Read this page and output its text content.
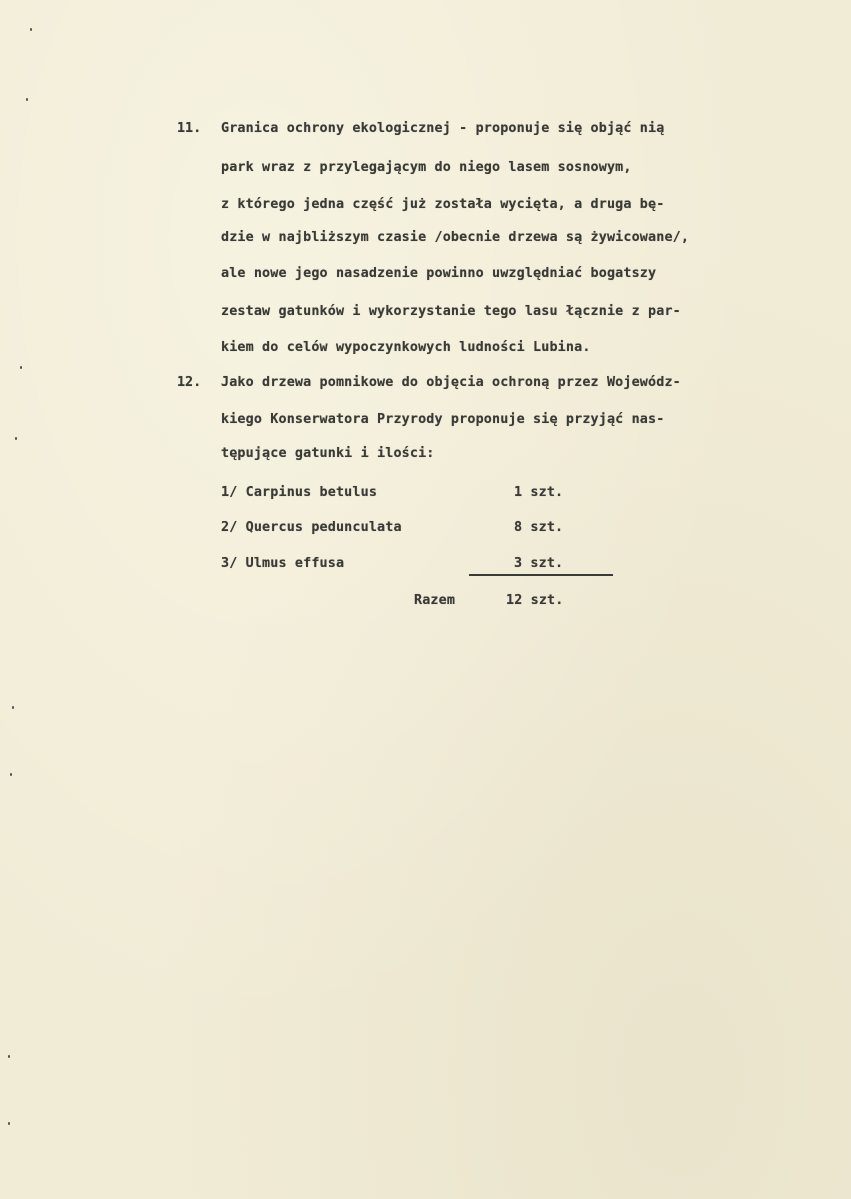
11. Granica ochrony ekologicznej - proponuje się objąć nią
park wraz z przylegającym do niego lasem sosnowym,
z którego jedna część już została wycięta, a druga bę-
dzie w najbliższym czasie /obecnie drzewa są żywicowane/,
ale nowe jego nasadzenie powinno uwzględniać bogatszy
zestaw gatunków i wykorzystanie tego lasu łącznie z par-
kiem do celów wypoczynkowych ludności Lubina.
12. Jako drzewa pomnikowe do objęcia ochroną przez Wojewódz-
kiego Konserwatora Przyrody proponuje się przyjąć nas-
tępujące gatunki i ilości:
1/ Carpinus betulus	1 szt.
2/ Quercus pedunculata	8 szt.
3/ Ulmus effusa	3 szt.
Razem	12 szt.
